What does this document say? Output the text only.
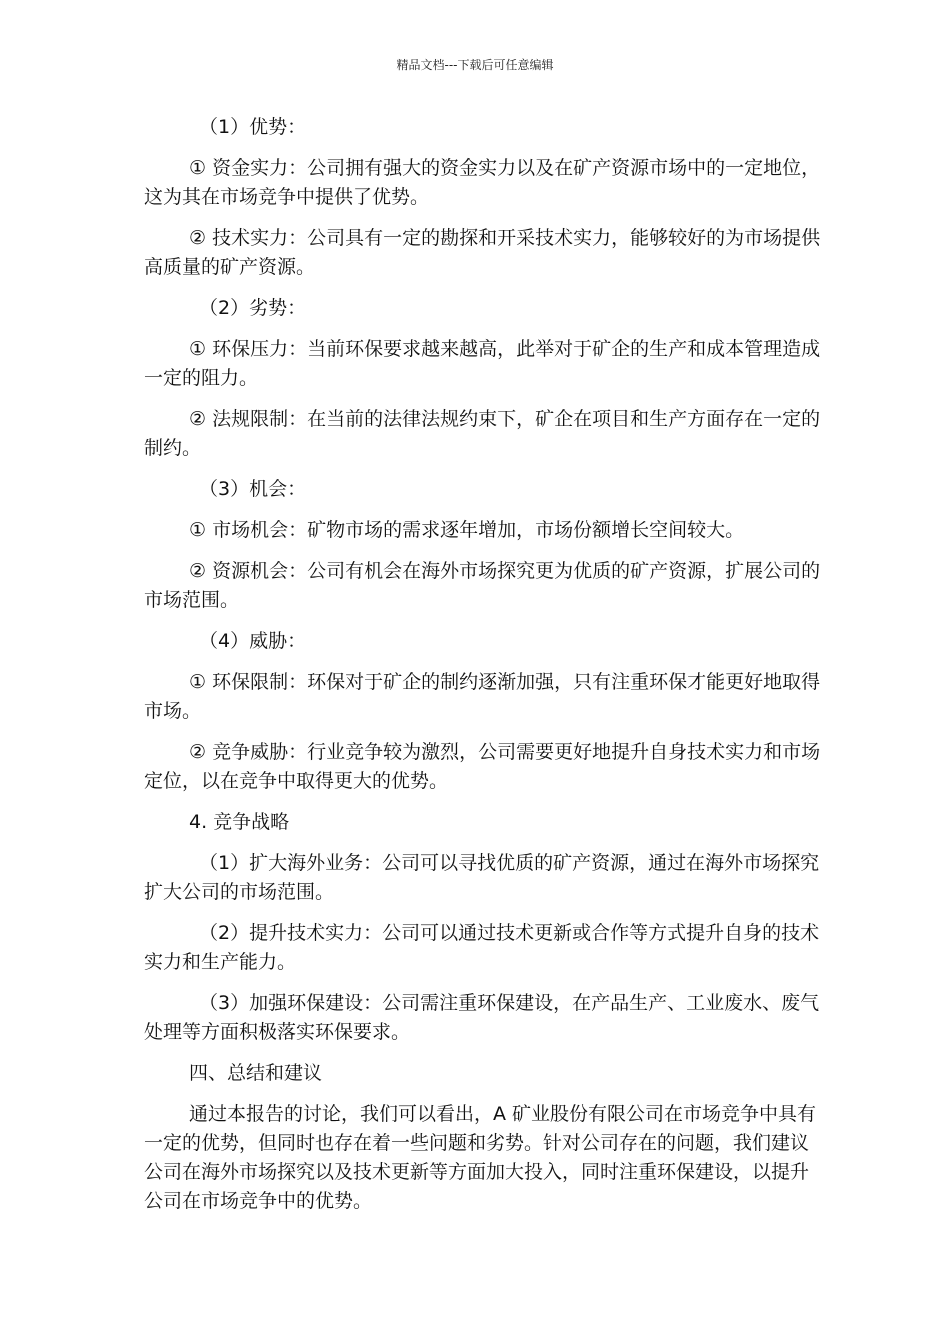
精品文档---下载后可任意编辑

（1）优势：

① 资金实力：公司拥有强大的资金实力以及在矿产资源市场中的一定地位，这为其在市场竞争中提供了优势。

② 技术实力：公司具有一定的勘探和开采技术实力，能够较好的为市场提供高质量的矿产资源。

（2）劣势：

① 环保压力：当前环保要求越来越高，此举对于矿企的生产和成本管理造成一定的阻力。

② 法规限制：在当前的法律法规约束下，矿企在项目和生产方面存在一定的制约。

（3）机会：

① 市场机会：矿物市场的需求逐年增加，市场份额增长空间较大。

② 资源机会：公司有机会在海外市场探究更为优质的矿产资源，扩展公司的市场范围。

（4）威胁：

① 环保限制：环保对于矿企的制约逐渐加强，只有注重环保才能更好地取得市场。

② 竞争威胁：行业竞争较为激烈，公司需要更好地提升自身技术实力和市场定位，以在竞争中取得更大的优势。

4. 竞争战略

（1）扩大海外业务：公司可以寻找优质的矿产资源，通过在海外市场探究扩大公司的市场范围。

（2）提升技术实力：公司可以通过技术更新或合作等方式提升自身的技术实力和生产能力。

（3）加强环保建设：公司需注重环保建设，在产品生产、工业废水、废气处理等方面积极落实环保要求。

四、总结和建议

通过本报告的讨论，我们可以看出，A 矿业股份有限公司在市场竞争中具有一定的优势，但同时也存在着一些问题和劣势。针对公司存在的问题，我们建议公司在海外市场探究以及技术更新等方面加大投入，同时注重环保建设，以提升公司在市场竞争中的优势。
